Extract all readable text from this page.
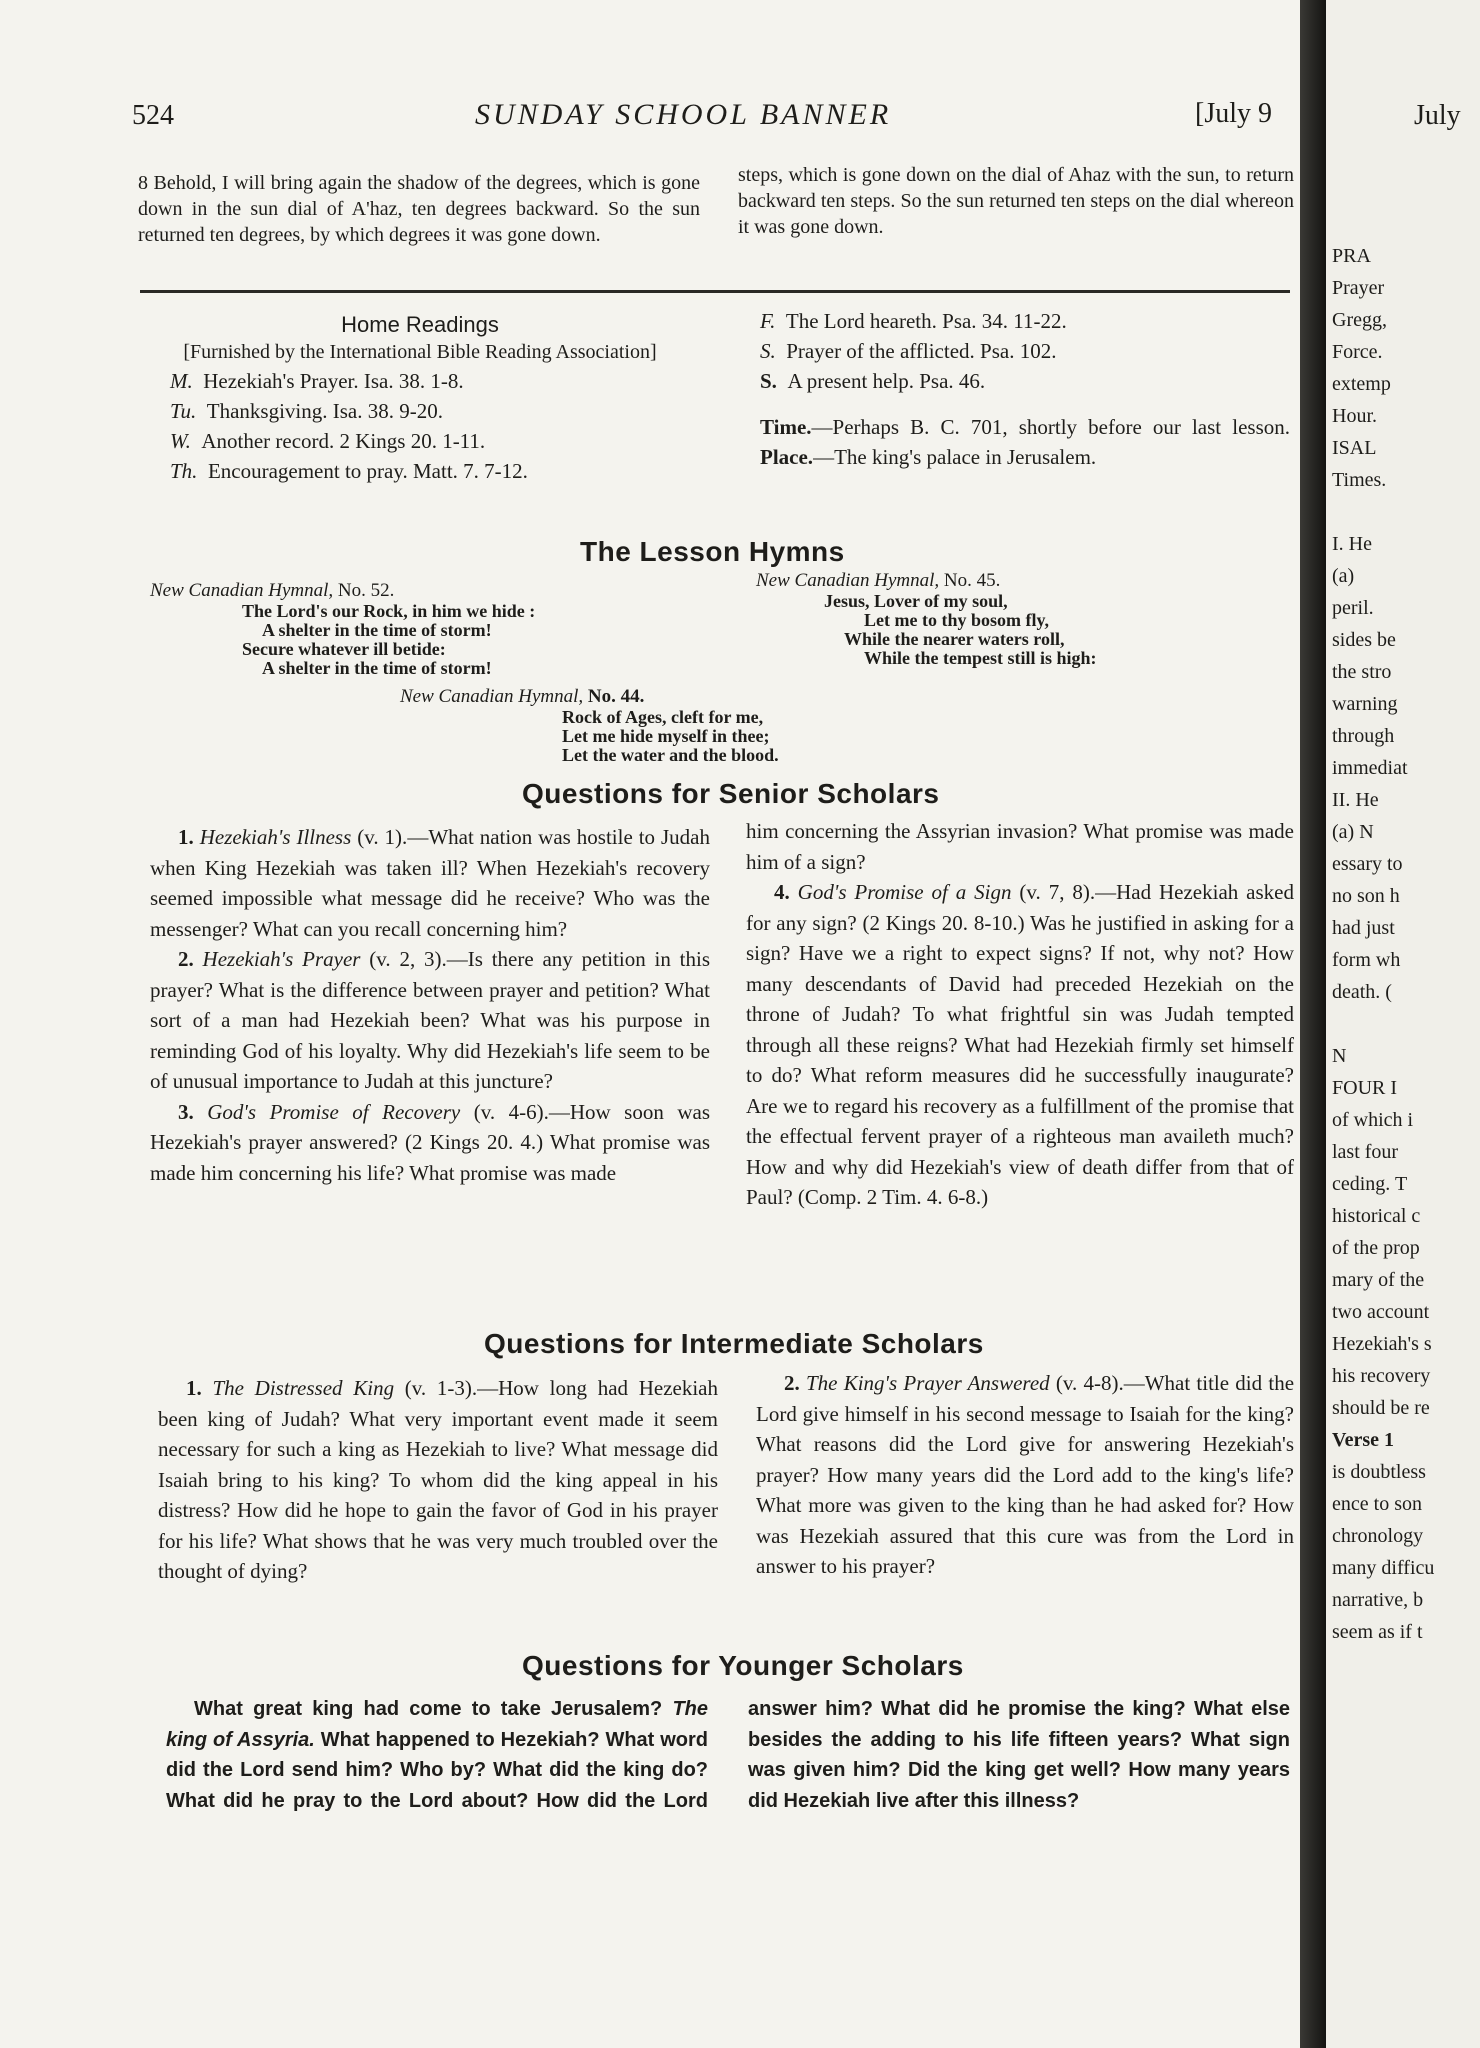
524	SUNDAY SCHOOL BANNER	[July 9

8 Behold, I will bring again the shadow of the degrees, which is gone down in the sun dial of A'haz, ten degrees backward. So the sun returned ten degrees, by which degrees it was gone down.

steps, which is gone down on the dial of Ahaz with the sun, to return backward ten steps. So the sun returned ten steps on the dial whereon it was gone down.

Home Readings
[Furnished by the International Bible Reading Association]
M. Hezekiah's Prayer. Isa. 38. 1-8.
Tu. Thanksgiving. Isa. 38. 9-20.
W. Another record. 2 Kings 20. 1-11.
Th. Encouragement to pray. Matt. 7. 7-12.
F. The Lord heareth. Psa. 34. 11-22.
S. Prayer of the afflicted. Psa. 102.
S. A present help. Psa. 46.

Time.—Perhaps B. C. 701, shortly before our last lesson. Place.—The king's palace in Jerusalem.

The Lesson Hymns
New Canadian Hymnal, No. 52.
The Lord's our Rock, in him we hide :
A shelter in the time of storm!
Secure whatever ill betide:
A shelter in the time of storm!
New Canadian Hymnal, No. 45.
Jesus, Lover of my soul,
Let me to thy bosom fly,
While the nearer waters roll,
While the tempest still is high:
New Canadian Hymnal, No. 44.
Rock of Ages, cleft for me,
Let me hide myself in thee;
Let the water and the blood.
Questions for Senior Scholars

1. Hezekiah's Illness (v. 1).—What nation was hostile to Judah when King Hezekiah was taken ill? When Hezekiah's recovery seemed impossible what message did he receive? Who was the messenger? What can you recall concerning him?

2. Hezekiah's Prayer (v. 2, 3).—Is there any petition in this prayer? What is the difference between prayer and petition? What sort of a man had Hezekiah been? What was his purpose in reminding God of his loyalty. Why did Hezekiah's life seem to be of unusual importance to Judah at this juncture?

3. God's Promise of Recovery (v. 4-6).—How soon was Hezekiah's prayer answered? (2 Kings 20. 4.) What promise was made him concerning his life? What promise was made

him concerning the Assyrian invasion? What promise was made him of a sign?

4. God's Promise of a Sign (v. 7, 8).—Had Hezekiah asked for any sign? (2 Kings 20. 8-10.) Was he justified in asking for a sign? Have we a right to expect signs? If not, why not? How many descendants of David had preceded Hezekiah on the throne of Judah? To what frightful sin was Judah tempted through all these reigns? What had Hezekiah firmly set himself to do? What reform measures did he successfully inaugurate? Are we to regard his recovery as a fulfillment of the promise that the effectual fervent prayer of a righteous man availeth much? How and why did Hezekiah's view of death differ from that of Paul? (Comp. 2 Tim. 4. 6-8.)

Questions for Intermediate Scholars

1. The Distressed King (v. 1-3).—How long had Hezekiah been king of Judah? What very important event made it seem necessary for such a king as Hezekiah to live? What message did Isaiah bring to his king? To whom did the king appeal in his distress? How did he hope to gain the favor of God in his prayer for his life? What shows that he was very much troubled over the thought of dying?

2. The King's Prayer Answered (v. 4-8).—What title did the Lord give himself in his second message to Isaiah for the king? What reasons did the Lord give for answering Hezekiah's prayer? How many years did the Lord add to the king's life? What more was given to the king than he had asked for? How was Hezekiah assured that this cure was from the Lord in answer to his prayer?

Questions for Younger Scholars

What great king had come to take Jerusalem? The king of Assyria. What happened to Hezekiah? What word did the Lord send him? Who by? What did the king do? What did he pray to the Lord about? How did the Lord answer him? What did he promise the king? What else besides the adding to his life fifteen years? What sign was given him? Did the king get well? How many years did Hezekiah live after this illness?

July
PRA
Prayer
Gregg,
Force.
extemp
Hour.
ISAL
Times.
I. He
(a)
peril.
sides be
the stro
warning
through
immediat
II. He
(a) N
essary to
no son h
had just
form wh
death. (
N
FOUR I
of which i
last four
ceding. T
historical c
of the prop
mary of the
two account
Hezekiah's s
his recovery
should be re
Verse 1
is doubtless
ence to son
chronology
many difficu
narrative, b
seem as if t
